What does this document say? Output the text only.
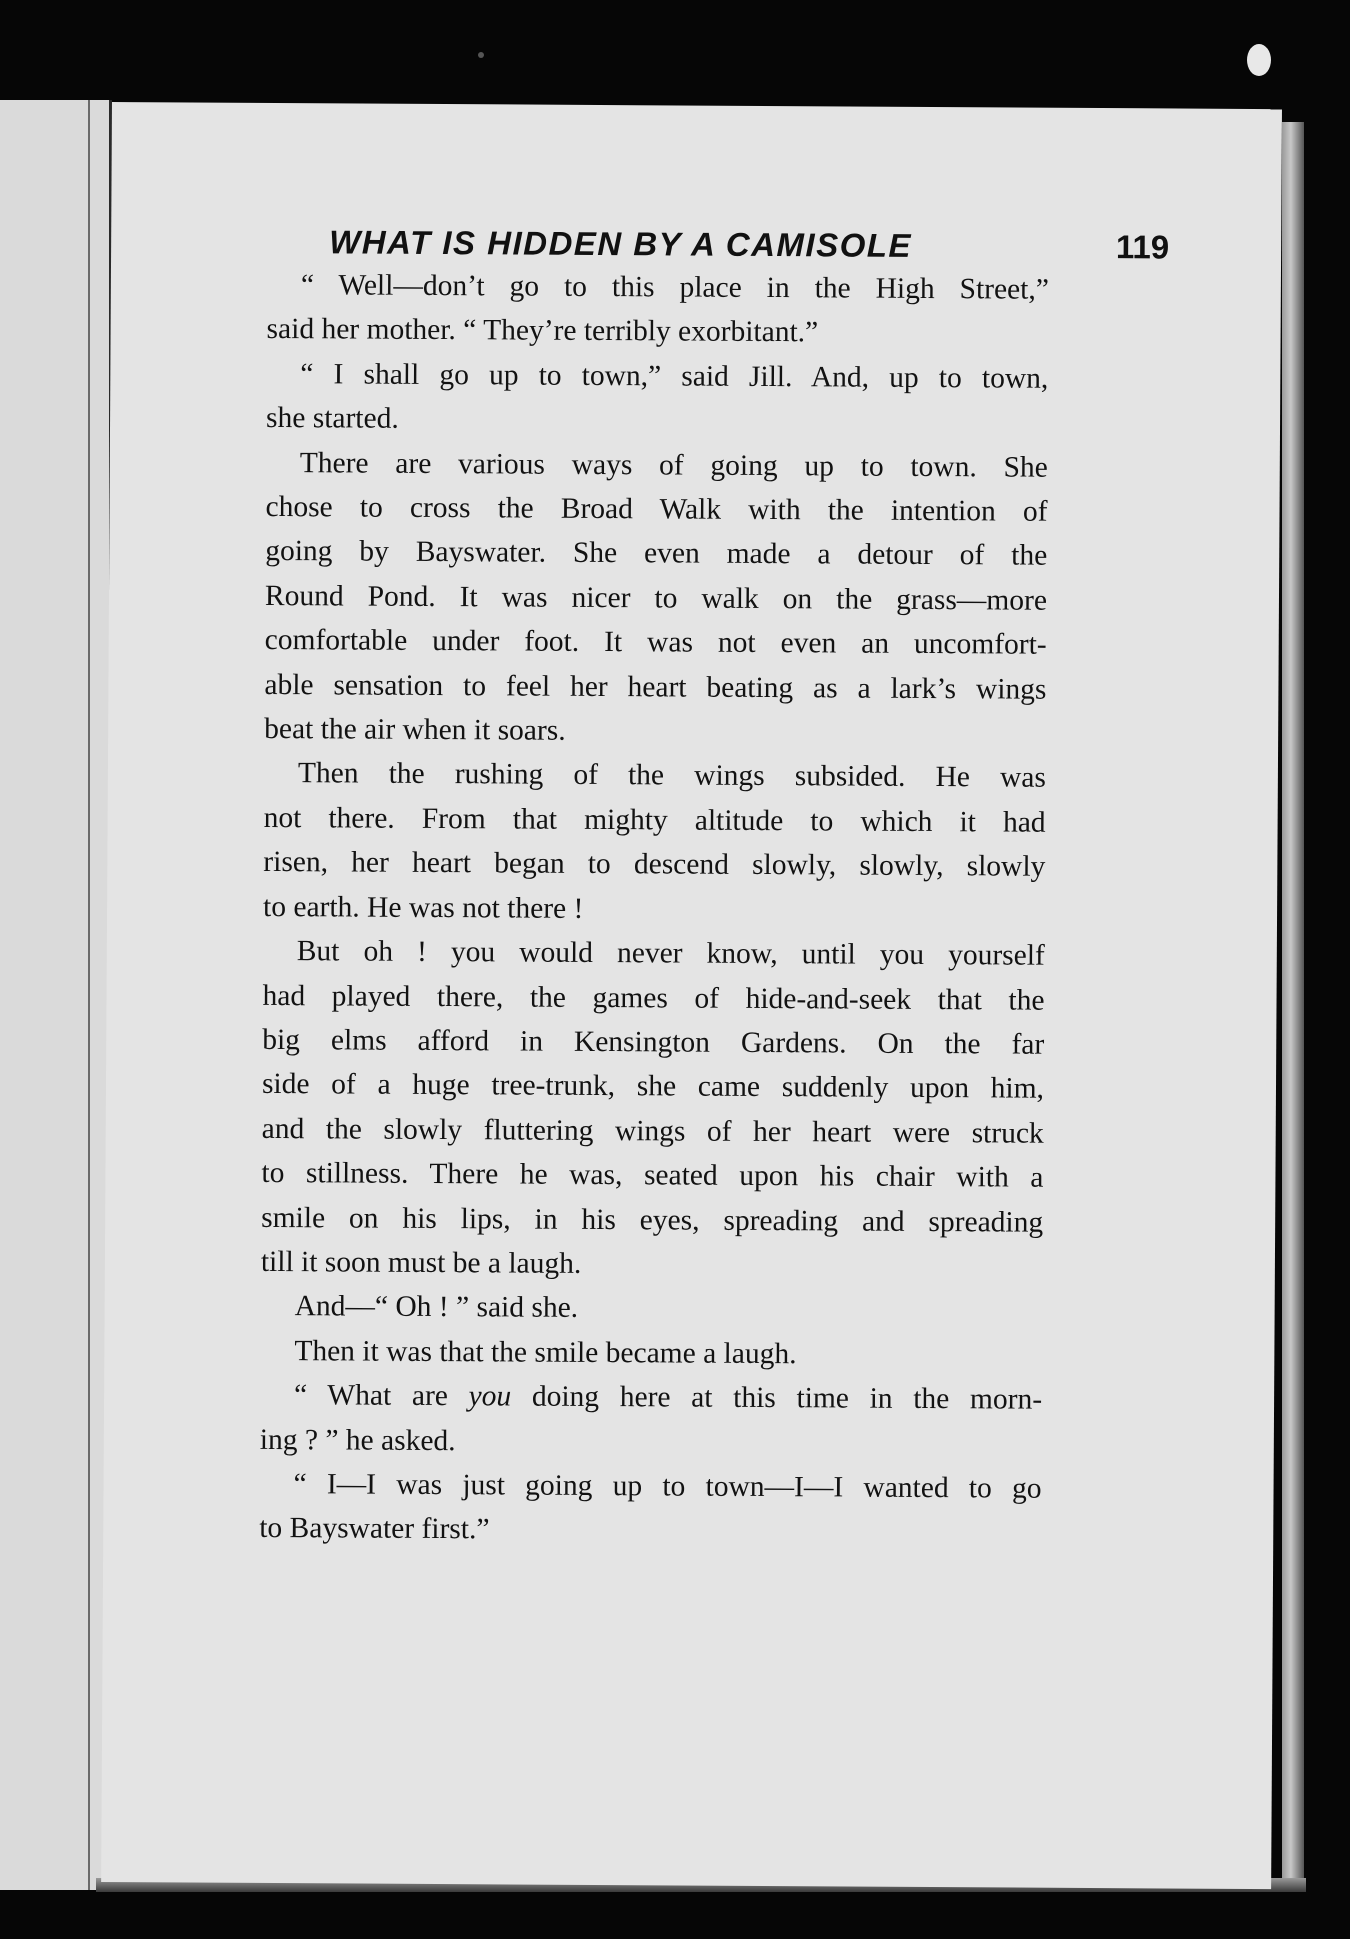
WHAT IS HIDDEN BY A CAMISOLE	119
“ Well—don’t go to this place in the High Street,”
said her mother. “ They’re terribly exorbitant.”
“ I shall go up to town,” said Jill. And, up to town,
she started.
There are various ways of going up to town. She
chose to cross the Broad Walk with the intention of
going by Bayswater. She even made a detour of the
Round Pond. It was nicer to walk on the grass—more
comfortable under foot. It was not even an uncomfort-
able sensation to feel her heart beating as a lark’s wings
beat the air when it soars.
Then the rushing of the wings subsided. He was
not there. From that mighty altitude to which it had
risen, her heart began to descend slowly, slowly, slowly
to earth. He was not there !
But oh ! you would never know, until you yourself
had played there, the games of hide-and-seek that the
big elms afford in Kensington Gardens. On the far
side of a huge tree-trunk, she came suddenly upon him,
and the slowly fluttering wings of her heart were struck
to stillness. There he was, seated upon his chair with a
smile on his lips, in his eyes, spreading and spreading
till it soon must be a laugh.
And—“ Oh ! ” said she.
Then it was that the smile became a laugh.
“ What are you doing here at this time in the morn-
ing ? ” he asked.
“ I—I was just going up to town—I—I wanted to go
to Bayswater first.”
